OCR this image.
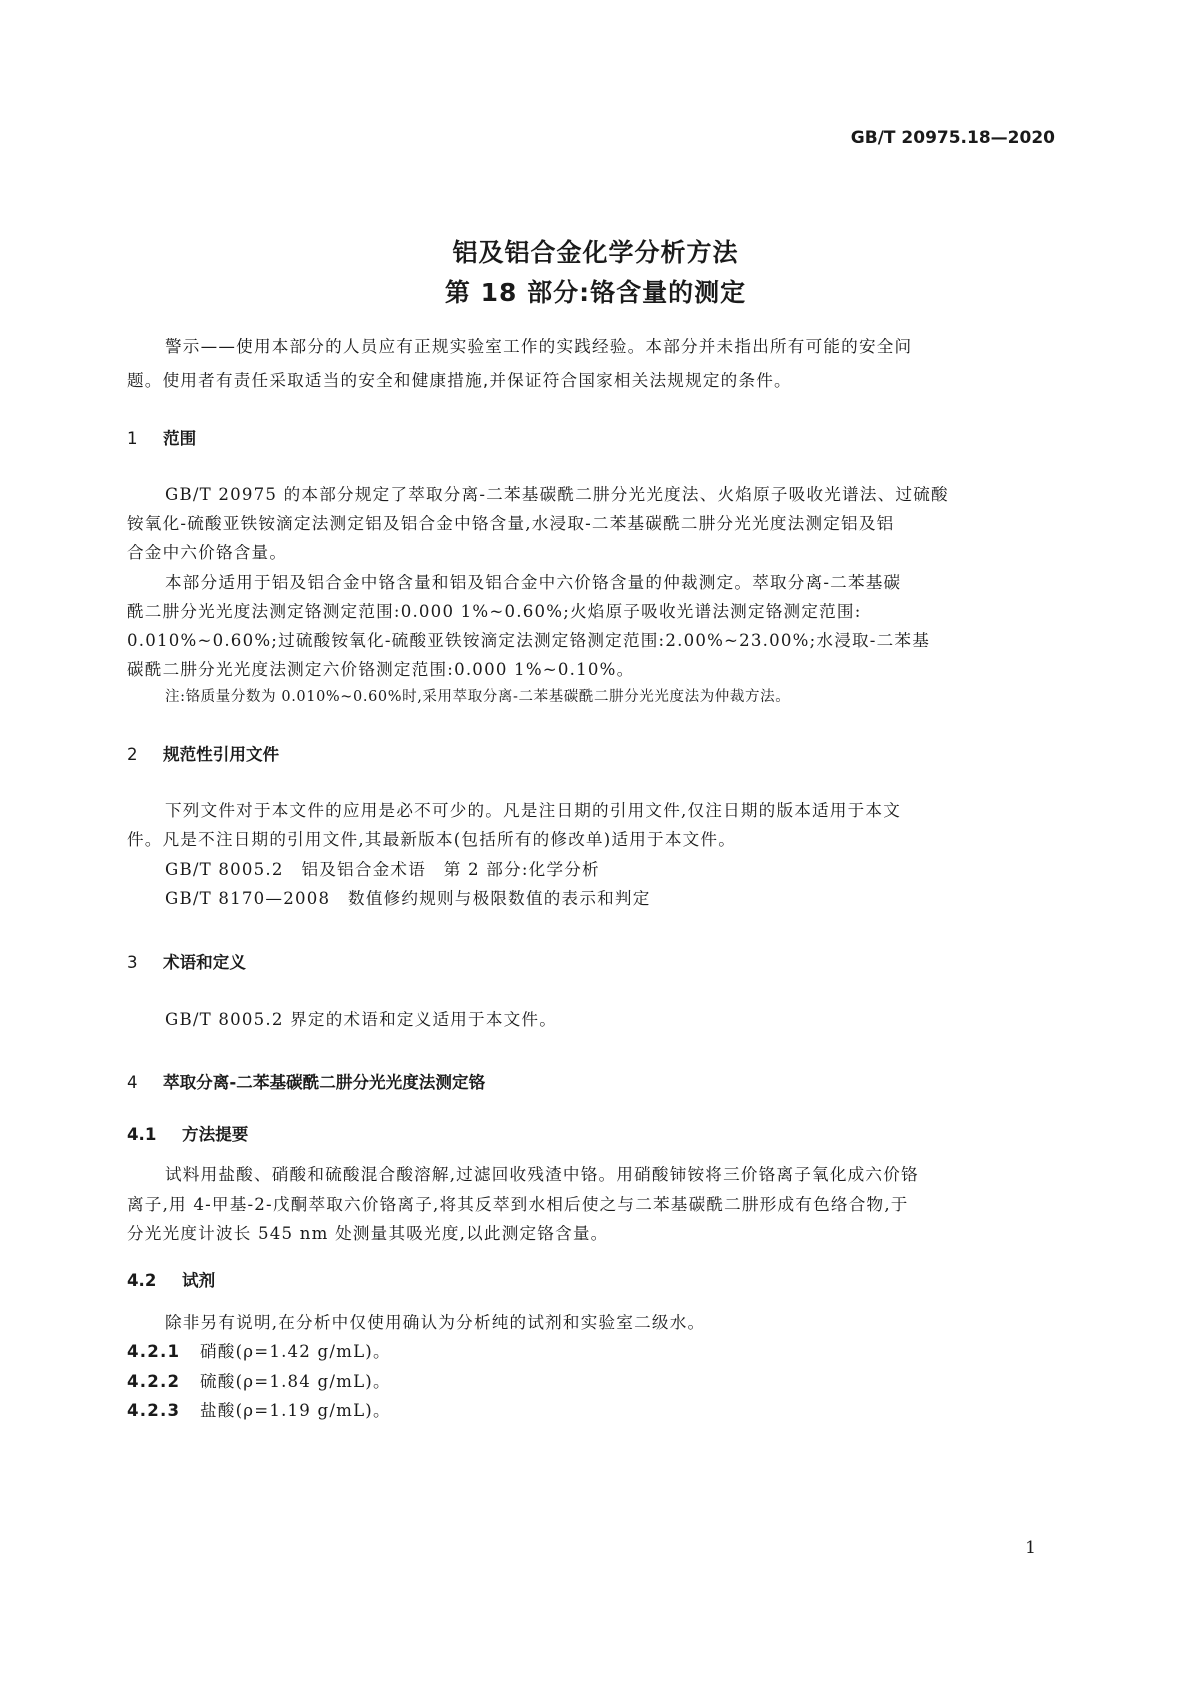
GB/T 20975.18—2020
铝及铝合金化学分析方法
第 18 部分:铬含量的测定
警示——使用本部分的人员应有正规实验室工作的实践经验。本部分并未指出所有可能的安全问
题。使用者有责任采取适当的安全和健康措施,并保证符合国家相关法规规定的条件。
1 范围
GB/T 20975 的本部分规定了萃取分离-二苯基碳酰二肼分光光度法、火焰原子吸收光谱法、过硫酸
铵氧化-硫酸亚铁铵滴定法测定铝及铝合金中铬含量,水浸取-二苯基碳酰二肼分光光度法测定铝及铝
合金中六价铬含量。
本部分适用于铝及铝合金中铬含量和铝及铝合金中六价铬含量的仲裁测定。萃取分离-二苯基碳
酰二肼分光光度法测定铬测定范围:0.000 1%~0.60%;火焰原子吸收光谱法测定铬测定范围:
0.010%~0.60%;过硫酸铵氧化-硫酸亚铁铵滴定法测定铬测定范围:2.00%~23.00%;水浸取-二苯基
碳酰二肼分光光度法测定六价铬测定范围:0.000 1%~0.10%。
注:铬质量分数为 0.010%~0.60%时,采用萃取分离-二苯基碳酰二肼分光光度法为仲裁方法。
2 规范性引用文件
下列文件对于本文件的应用是必不可少的。凡是注日期的引用文件,仅注日期的版本适用于本文
件。凡是不注日期的引用文件,其最新版本(包括所有的修改单)适用于本文件。
GB/T 8005.2　铝及铝合金术语　第 2 部分:化学分析
GB/T 8170—2008　数值修约规则与极限数值的表示和判定
3 术语和定义
GB/T 8005.2 界定的术语和定义适用于本文件。
4 萃取分离-二苯基碳酰二肼分光光度法测定铬
4.1 方法提要
试料用盐酸、硝酸和硫酸混合酸溶解,过滤回收残渣中铬。用硝酸铈铵将三价铬离子氧化成六价铬
离子,用 4-甲基-2-戊酮萃取六价铬离子,将其反萃到水相后使之与二苯基碳酰二肼形成有色络合物,于
分光光度计波长 545 nm 处测量其吸光度,以此测定铬含量。
4.2 试剂
除非另有说明,在分析中仅使用确认为分析纯的试剂和实验室二级水。
4.2.1 硝酸(ρ=1.42 g/mL)。
4.2.2 硫酸(ρ=1.84 g/mL)。
4.2.3 盐酸(ρ=1.19 g/mL)。
1
